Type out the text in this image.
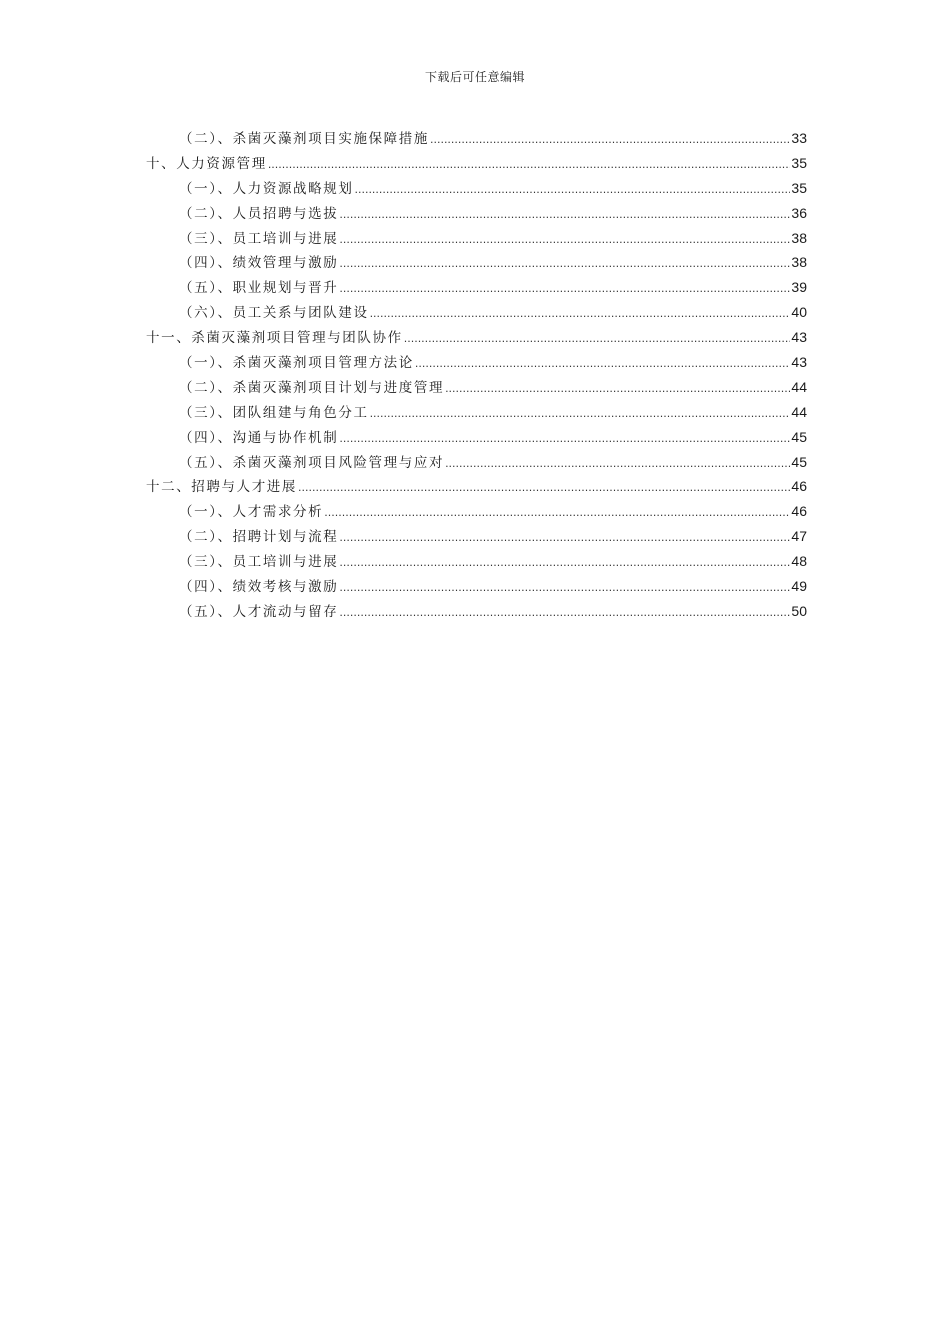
下载后可任意编辑
（二）、杀菌灭藻剂项目实施保障措施 .....	33
十、人力资源管理 .....	35
（一）、人力资源战略规划 .....	35
（二）、人员招聘与选拔 .....	36
（三）、员工培训与进展 .....	38
（四）、绩效管理与激励 .....	38
（五）、职业规划与晋升 .....	39
（六）、员工关系与团队建设 .....	40
十一、杀菌灭藻剂项目管理与团队协作 .....	43
（一）、杀菌灭藻剂项目管理方法论 .....	43
（二）、杀菌灭藻剂项目计划与进度管理 .....	44
（三）、团队组建与角色分工 .....	44
（四）、沟通与协作机制 .....	45
（五）、杀菌灭藻剂项目风险管理与应对 .....	45
十二、招聘与人才进展 .....	46
（一）、人才需求分析 .....	46
（二）、招聘计划与流程 .....	47
（三）、员工培训与进展 .....	48
（四）、绩效考核与激励 .....	49
（五）、人才流动与留存 .....	50
